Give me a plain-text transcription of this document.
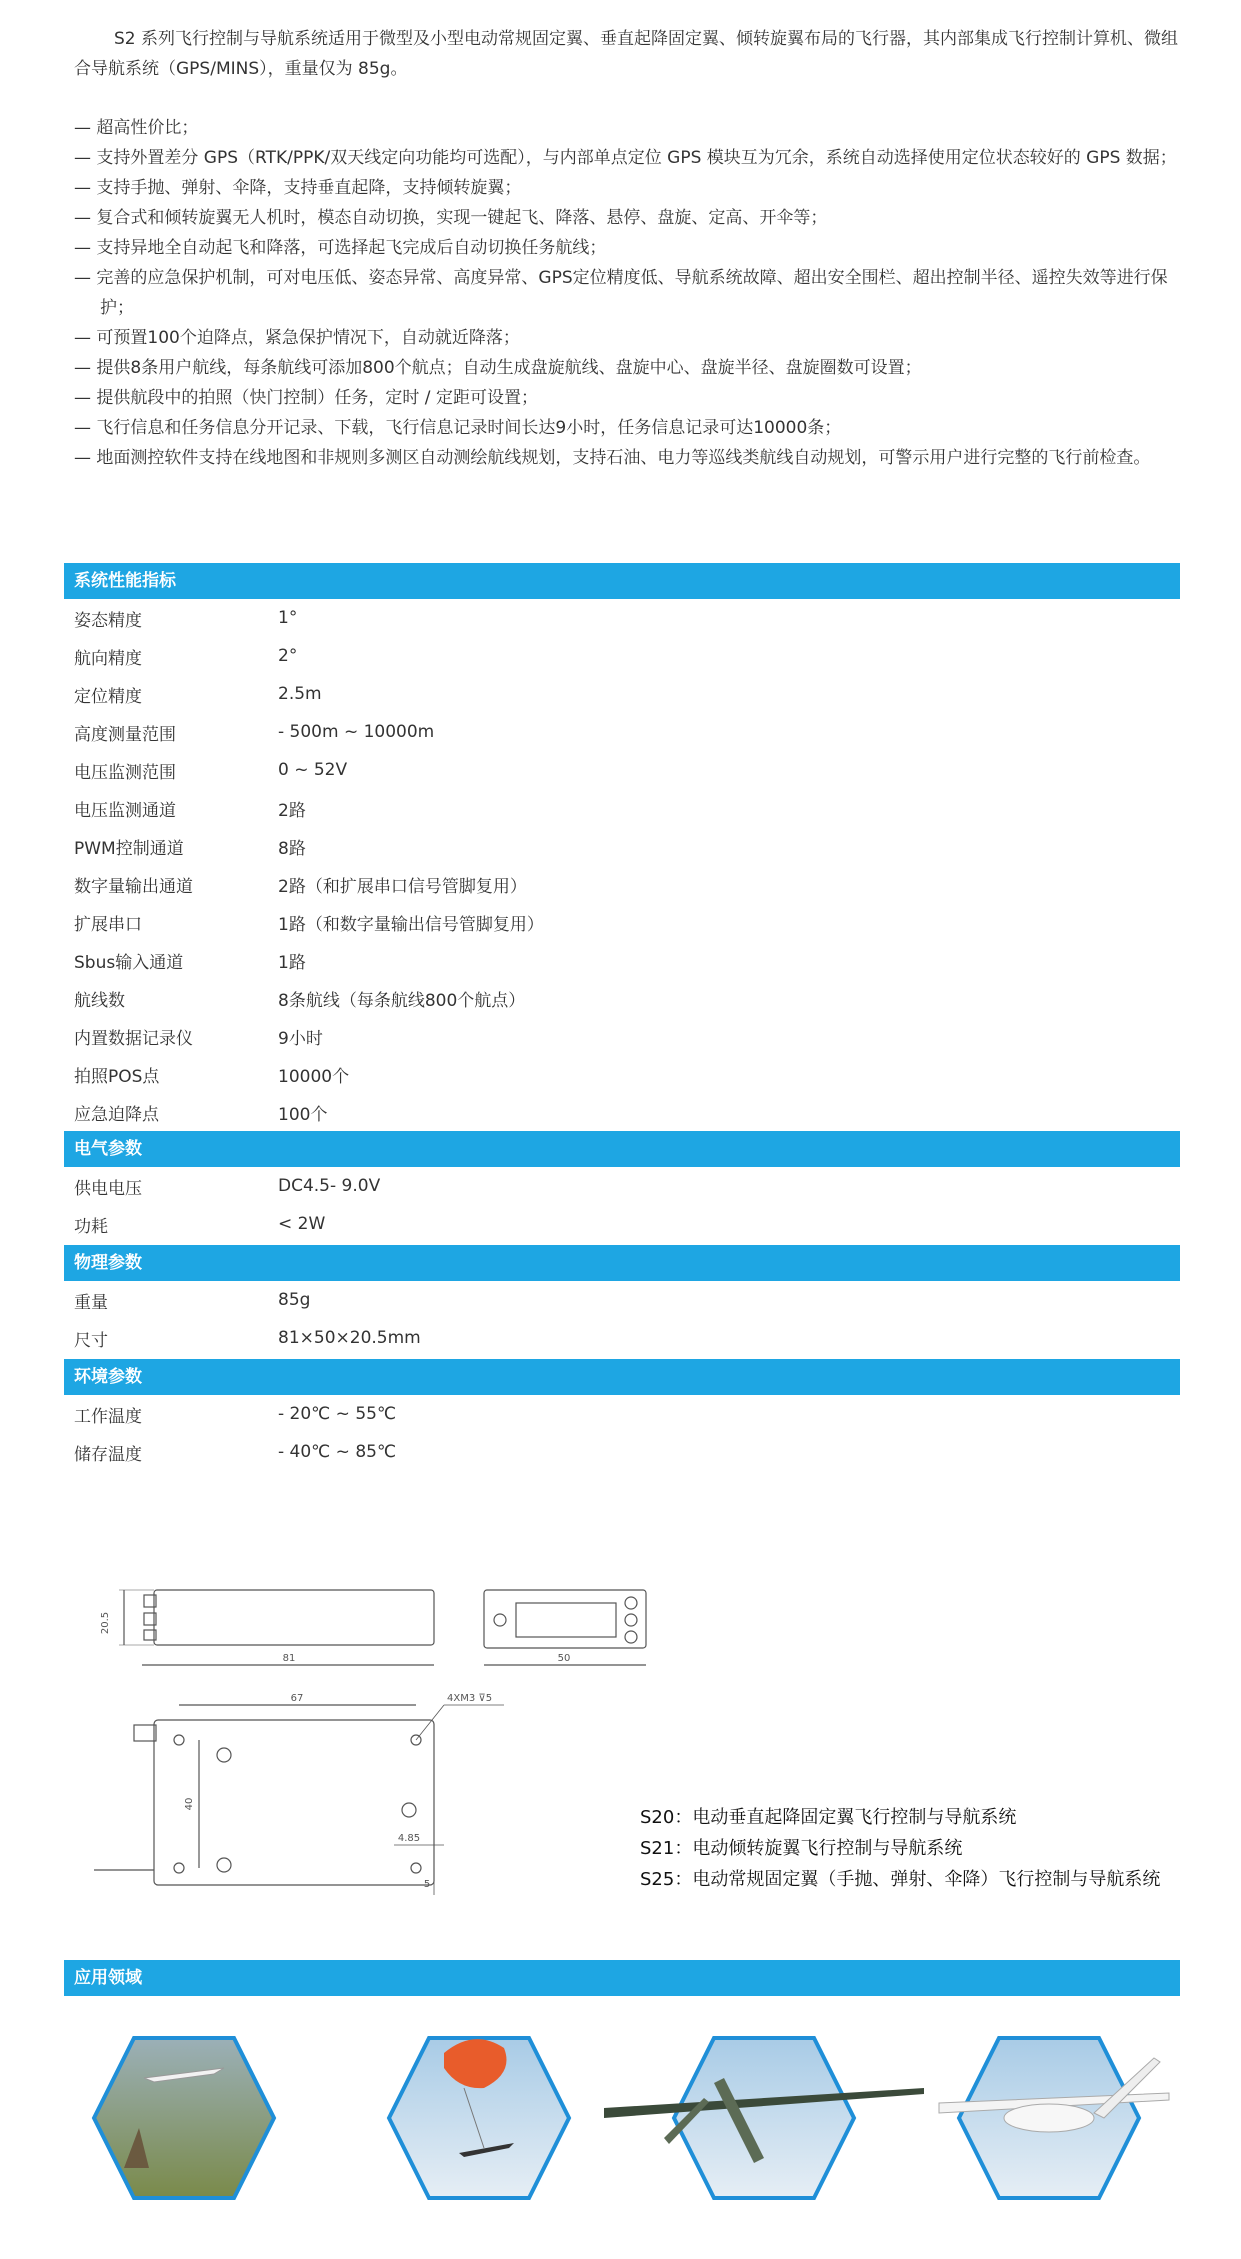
S2 系列飞行控制与导航系统适用于微型及小型电动常规固定翼、垂直起降固定翼、倾转旋翼布局的飞行器，其内部集成飞行控制计算机、微组合导航系统（GPS/MINS），重量仅为 85g。
— 超高性价比；
— 支持外置差分 GPS（RTK/PPK/双天线定向功能均可选配），与内部单点定位 GPS 模块互为冗余，系统自动选择使用定位状态较好的 GPS 数据；
— 支持手抛、弹射、伞降，支持垂直起降，支持倾转旋翼；
— 复合式和倾转旋翼无人机时，模态自动切换，实现一键起飞、降落、悬停、盘旋、定高、开伞等；
— 支持异地全自动起飞和降落，可选择起飞完成后自动切换任务航线；
— 完善的应急保护机制，可对电压低、姿态异常、高度异常、GPS定位精度低、导航系统故障、超出安全围栏、超出控制半径、遥控失效等进行保护；
— 可预置100个迫降点，紧急保护情况下，自动就近降落；
— 提供8条用户航线，每条航线可添加800个航点；自动生成盘旋航线、盘旋中心、盘旋半径、盘旋圈数可设置；
— 提供航段中的拍照（快门控制）任务，定时 / 定距可设置；
— 飞行信息和任务信息分开记录、下载，飞行信息记录时间长达9小时，任务信息记录可达10000条；
— 地面测控软件支持在线地图和非规则多测区自动测绘航线规划，支持石油、电力等巡线类航线自动规划，可警示用户进行完整的飞行前检查。
系统性能指标
姿态精度	1°
航向精度	2°
定位精度	2.5m
高度测量范围	- 500m ~ 10000m
电压监测范围	0 ~ 52V
电压监测通道	2路
PWM控制通道	8路
数字量输出通道	2路（和扩展串口信号管脚复用）
扩展串口	1路（和数字量输出信号管脚复用）
Sbus输入通道	1路
航线数	8条航线（每条航线800个航点）
内置数据记录仪	9小时
拍照POS点	10000个
应急迫降点	100个
电气参数
供电电压	DC4.5- 9.0V
功耗	< 2W
物理参数
重量	85g
尺寸	81×50×20.5mm
环境参数
工作温度	- 20℃ ~ 55℃
储存温度	- 40℃ ~ 85℃
20.5
81	50
67
40
4.85
5
4XM3 ⊽5
S20：电动垂直起降固定翼飞行控制与导航系统
S21：电动倾转旋翼飞行控制与导航系统
S25：电动常规固定翼（手抛、弹射、伞降）飞行控制与导航系统
应用领域
